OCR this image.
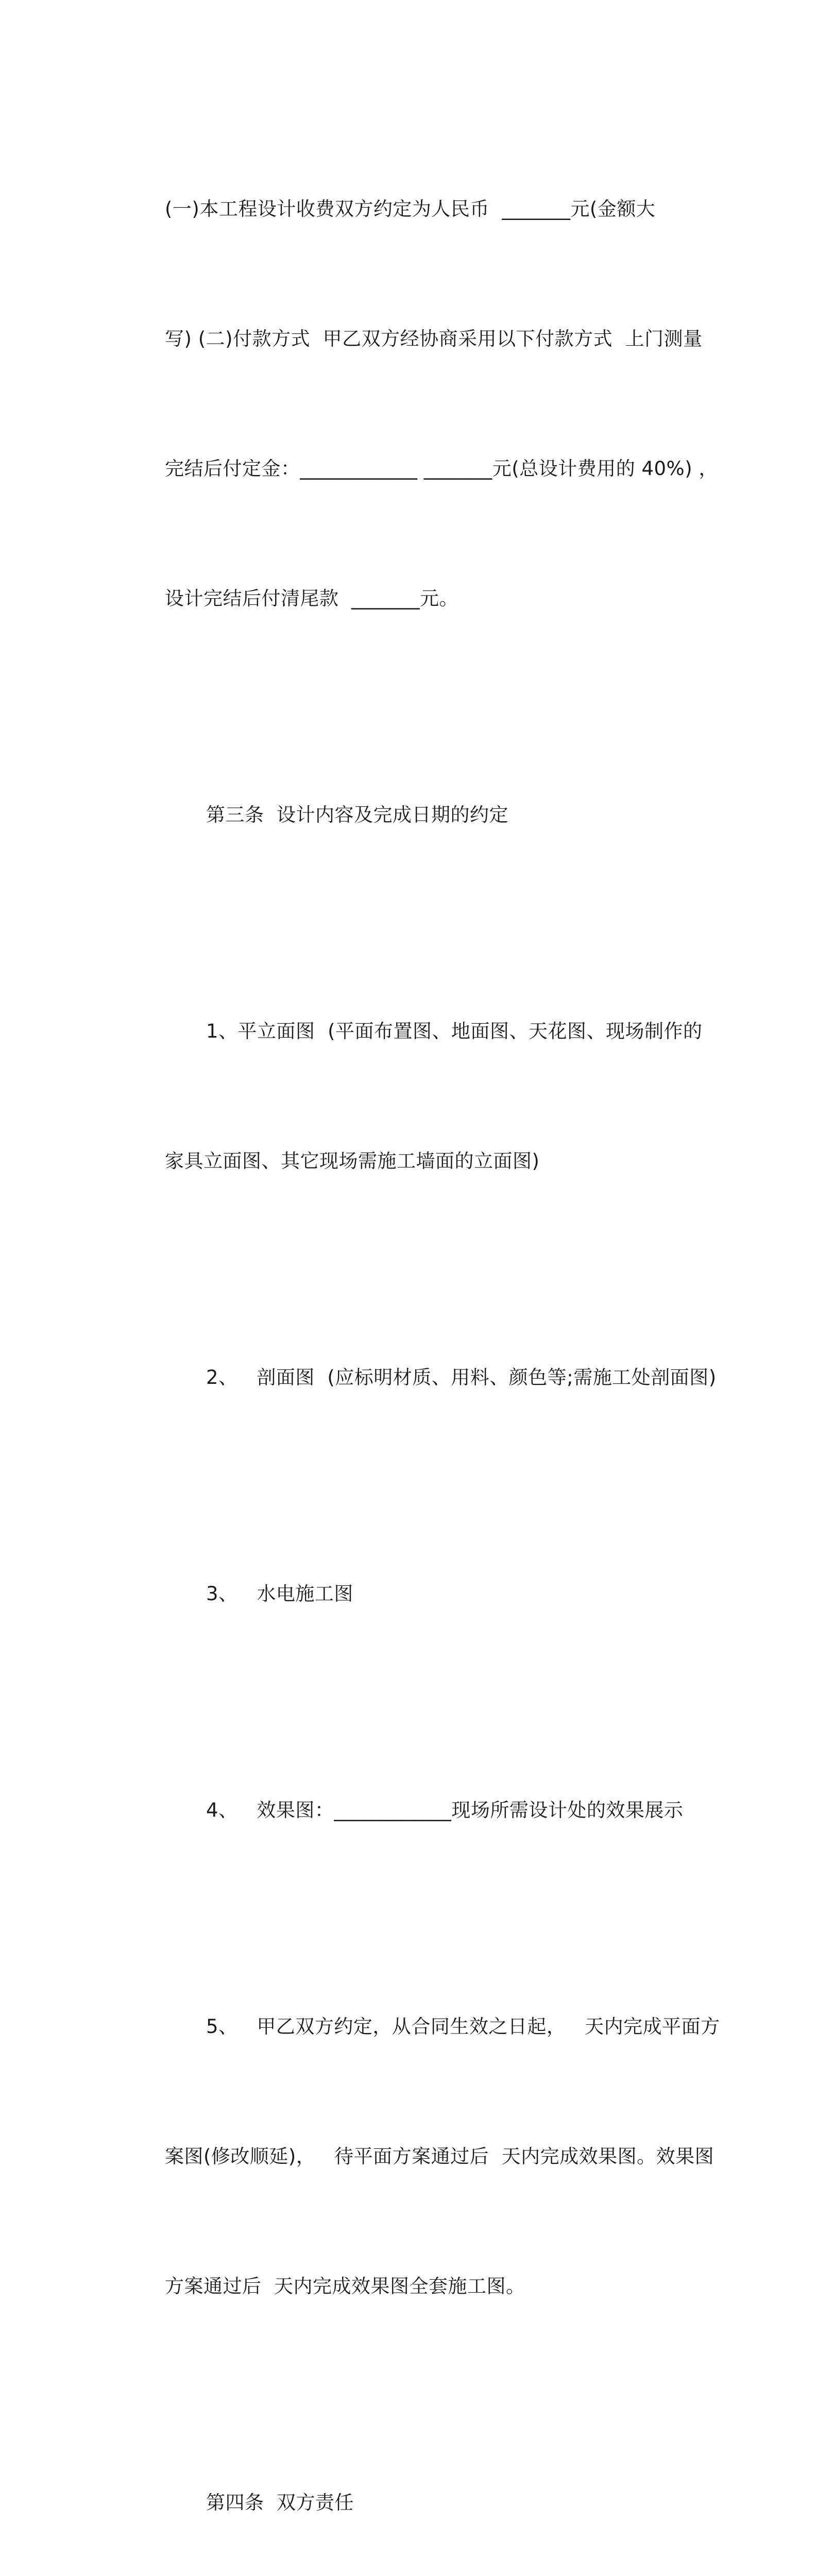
(一)本工程设计收费双方约定为人民币  _______元(金额大

写) (二)付款方式  甲乙双方经协商采用以下付款方式  上门测量

完结后付定金：____________ _______元(总设计费用的 40%) ，

设计完结后付清尾款  _______元。

第三条  设计内容及完成日期的约定

1、平立面图  (平面布置图、地面图、天花图、现场制作的

家具立面图、其它现场需施工墙面的立面图)

2、   剖面图  (应标明材质、用料、颜色等;需施工处剖面图)

3、   水电施工图

4、   效果图：____________现场所需设计处的效果展示

5、   甲乙双方约定，从合同生效之日起，   天内完成平面方

案图(修改顺延)，   待平面方案通过后  天内完成效果图。效果图

方案通过后  天内完成效果图全套施工图。

第四条  双方责任
